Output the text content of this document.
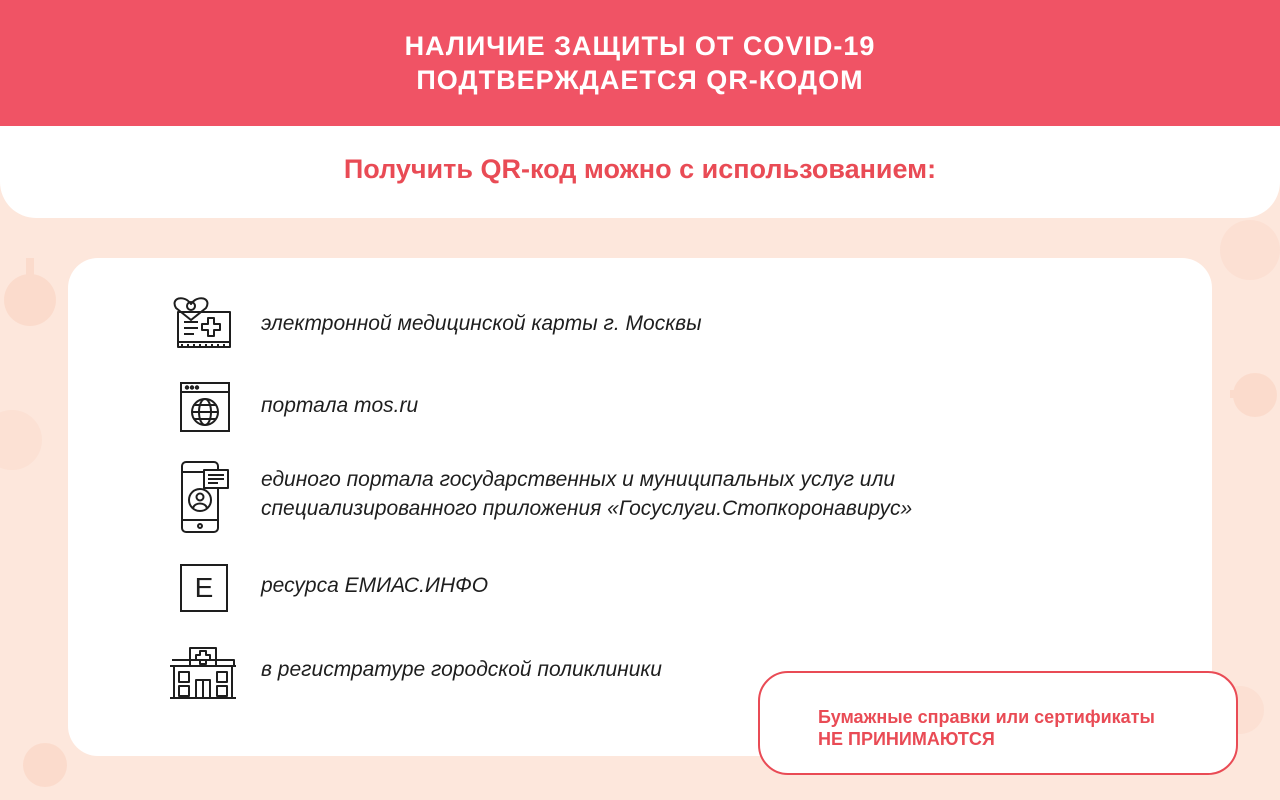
НАЛИЧИЕ ЗАЩИТЫ ОТ COVID-19
ПОДТВЕРЖДАЕТСЯ QR-КОДОМ
Получить QR-код можно с использованием:
электронной медицинской карты г. Москвы
портала mos.ru
единого портала государственных и муниципальных услуг или
специализированного приложения «Госуслуги.Стопкоронавирус»
E	ресурса ЕМИАС.ИНФО
в регистратуре городской поликлиники
Бумажные справки или сертификаты
НЕ ПРИНИМАЮТСЯ
